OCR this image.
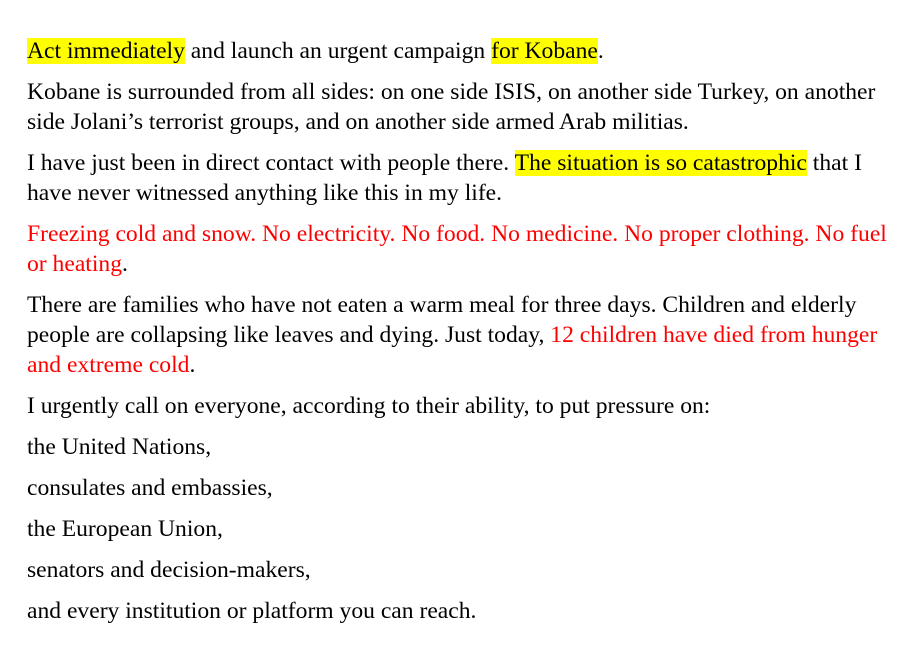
Act immediately and launch an urgent campaign for Kobane.

Kobane is surrounded from all sides: on one side ISIS, on another side Turkey, on another side Jolani’s terrorist groups, and on another side armed Arab militias.

I have just been in direct contact with people there. The situation is so catastrophic that I have never witnessed anything like this in my life.

Freezing cold and snow. No electricity. No food. No medicine. No proper clothing. No fuel or heating.

There are families who have not eaten a warm meal for three days. Children and elderly people are collapsing like leaves and dying. Just today, 12 children have died from hunger and extreme cold.

I urgently call on everyone, according to their ability, to put pressure on:

the United Nations,

consulates and embassies,

the European Union,

senators and decision-makers,

and every institution or platform you can reach.
